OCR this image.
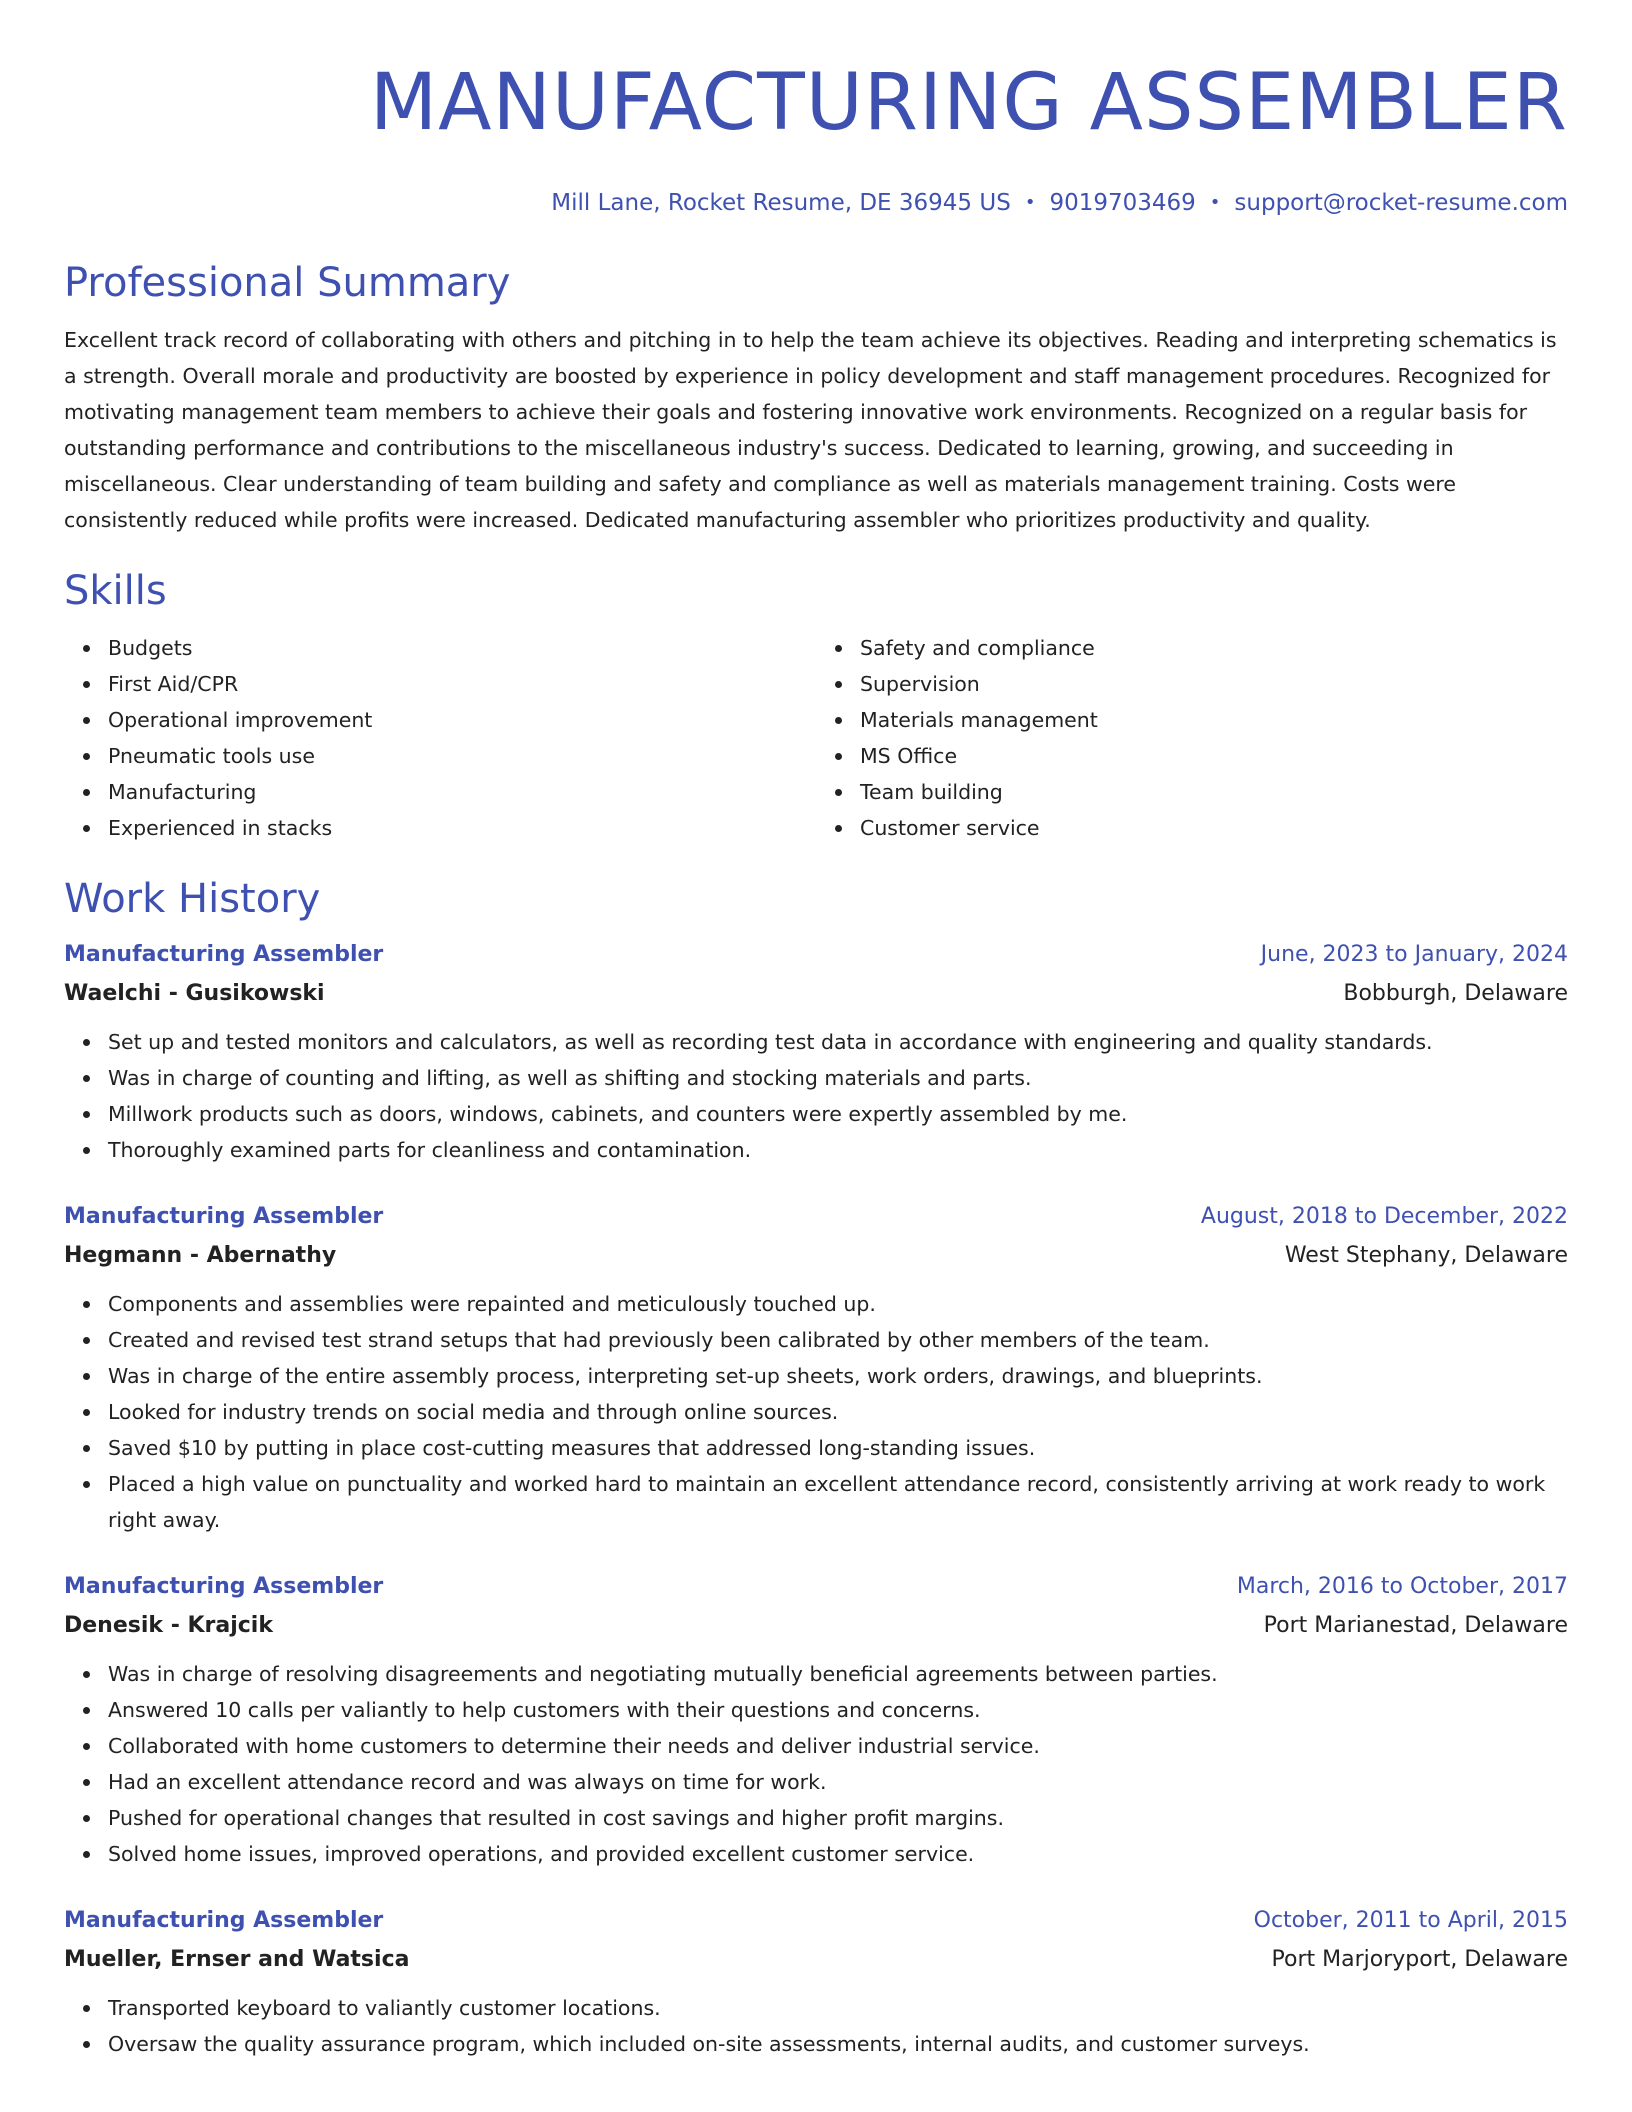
MANUFACTURING ASSEMBLER
Mill Lane, Rocket Resume, DE 36945 US • 9019703469 • support@rocket-resume.com
Professional Summary
Excellent track record of collaborating with others and pitching in to help the team achieve its objectives. Reading and interpreting schematics is a strength. Overall morale and productivity are boosted by experience in policy development and staff management procedures. Recognized for motivating management team members to achieve their goals and fostering innovative work environments. Recognized on a regular basis for outstanding performance and contributions to the miscellaneous industry's success. Dedicated to learning, growing, and succeeding in miscellaneous. Clear understanding of team building and safety and compliance as well as materials management training. Costs were consistently reduced while profits were increased. Dedicated manufacturing assembler who prioritizes productivity and quality.
Skills
Budgets
First Aid/CPR
Operational improvement
Pneumatic tools use
Manufacturing
Experienced in stacks
Safety and compliance
Supervision
Materials management
MS Office
Team building
Customer service
Work History
Manufacturing Assembler	June, 2023 to January, 2024
Waelchi - Gusikowski	Bobburgh, Delaware
Set up and tested monitors and calculators, as well as recording test data in accordance with engineering and quality standards.
Was in charge of counting and lifting, as well as shifting and stocking materials and parts.
Millwork products such as doors, windows, cabinets, and counters were expertly assembled by me.
Thoroughly examined parts for cleanliness and contamination.
Manufacturing Assembler	August, 2018 to December, 2022
Hegmann - Abernathy	West Stephany, Delaware
Components and assemblies were repainted and meticulously touched up.
Created and revised test strand setups that had previously been calibrated by other members of the team.
Was in charge of the entire assembly process, interpreting set-up sheets, work orders, drawings, and blueprints.
Looked for industry trends on social media and through online sources.
Saved $10 by putting in place cost-cutting measures that addressed long-standing issues.
Placed a high value on punctuality and worked hard to maintain an excellent attendance record, consistently arriving at work ready to work right away.
Manufacturing Assembler	March, 2016 to October, 2017
Denesik - Krajcik	Port Marianestad, Delaware
Was in charge of resolving disagreements and negotiating mutually beneficial agreements between parties.
Answered 10 calls per valiantly to help customers with their questions and concerns.
Collaborated with home customers to determine their needs and deliver industrial service.
Had an excellent attendance record and was always on time for work.
Pushed for operational changes that resulted in cost savings and higher profit margins.
Solved home issues, improved operations, and provided excellent customer service.
Manufacturing Assembler	October, 2011 to April, 2015
Mueller, Ernser and Watsica	Port Marjoryport, Delaware
Transported keyboard to valiantly customer locations.
Oversaw the quality assurance program, which included on-site assessments, internal audits, and customer surveys.
